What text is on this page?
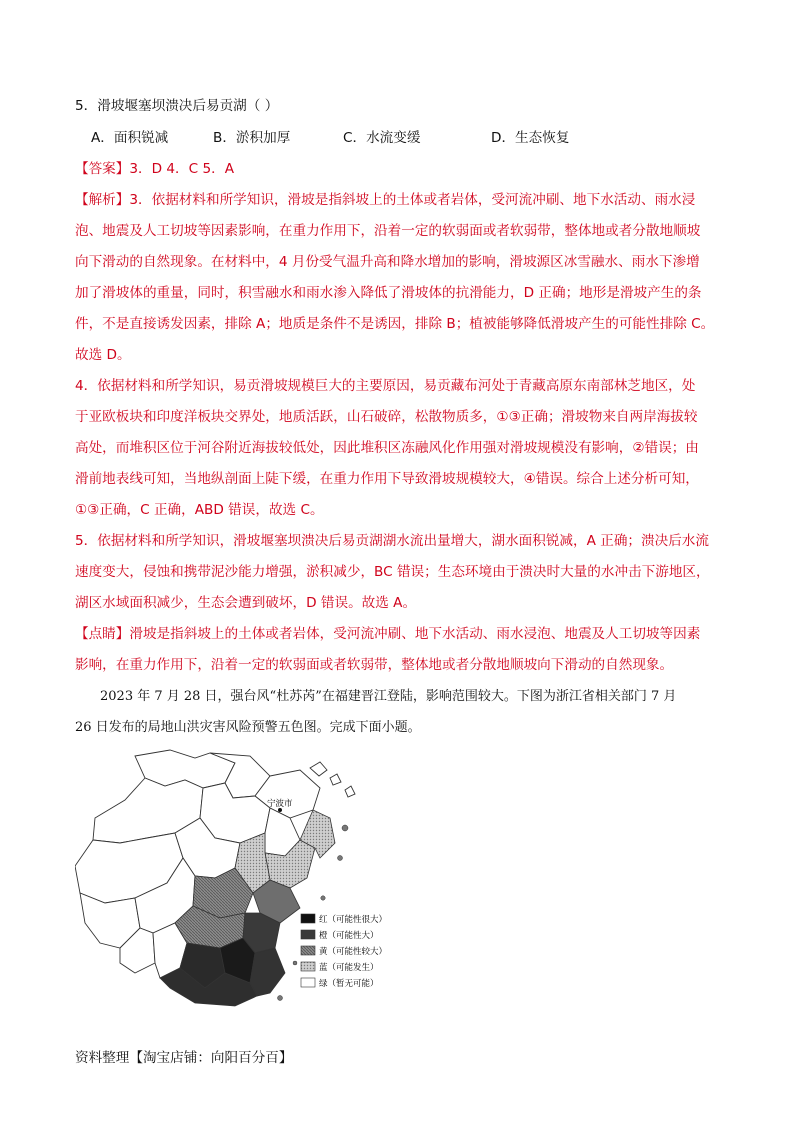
5．滑坡堰塞坝溃决后易贡湖（ ）
A．面积锐减	B．淤积加厚	C．水流变缓	D．生态恢复
【答案】3．D 4．C 5．A
【解析】3．依据材料和所学知识，滑坡是指斜坡上的土体或者岩体，受河流冲刷、地下水活动、雨水浸
泡、地震及人工切坡等因素影响，在重力作用下，沿着一定的软弱面或者软弱带，整体地或者分散地顺坡
向下滑动的自然现象。在材料中，4 月份受气温升高和降水增加的影响，滑坡源区冰雪融水、雨水下渗增
加了滑坡体的重量，同时，积雪融水和雨水渗入降低了滑坡体的抗滑能力，D 正确；地形是滑坡产生的条
件，不是直接诱发因素，排除 A；地质是条件不是诱因，排除 B；植被能够降低滑坡产生的可能性排除 C。
故选 D。
4．依据材料和所学知识，易贡滑坡规模巨大的主要原因，易贡藏布河处于青藏高原东南部林芝地区，处
于亚欧板块和印度洋板块交界处，地质活跃，山石破碎，松散物质多，①③正确；滑坡物来自两岸海拔较
高处，而堆积区位于河谷附近海拔较低处，因此堆积区冻融风化作用强对滑坡规模没有影响，②错误；由
滑前地表线可知，当地纵剖面上陡下缓，在重力作用下导致滑坡规模较大，④错误。综合上述分析可知，
①③正确，C 正确，ABD 错误，故选 C。
5．依据材料和所学知识，滑坡堰塞坝溃决后易贡湖湖水流出量增大，湖水面积锐减，A 正确；溃决后水流
速度变大，侵蚀和携带泥沙能力增强，淤积减少，BC 错误；生态环境由于溃决时大量的水冲击下游地区，
湖区水域面积减少，生态会遭到破坏，D 错误。故选 A。
【点睛】滑坡是指斜坡上的土体或者岩体，受河流冲刷、地下水活动、雨水浸泡、地震及人工切坡等因素
影响，在重力作用下，沿着一定的软弱面或者软弱带，整体地或者分散地顺坡向下滑动的自然现象。
2023 年 7 月 28 日，强台风“杜苏芮”在福建晋江登陆，影响范围较大。下图为浙江省相关部门 7 月
26 日发布的局地山洪灾害风险预警五色图。完成下面小题。
宁波市
红（可能性很大）
橙（可能性大）
黄（可能性较大）
蓝（可能发生）
绿（暂无可能）
资料整理【淘宝店铺：向阳百分百】
